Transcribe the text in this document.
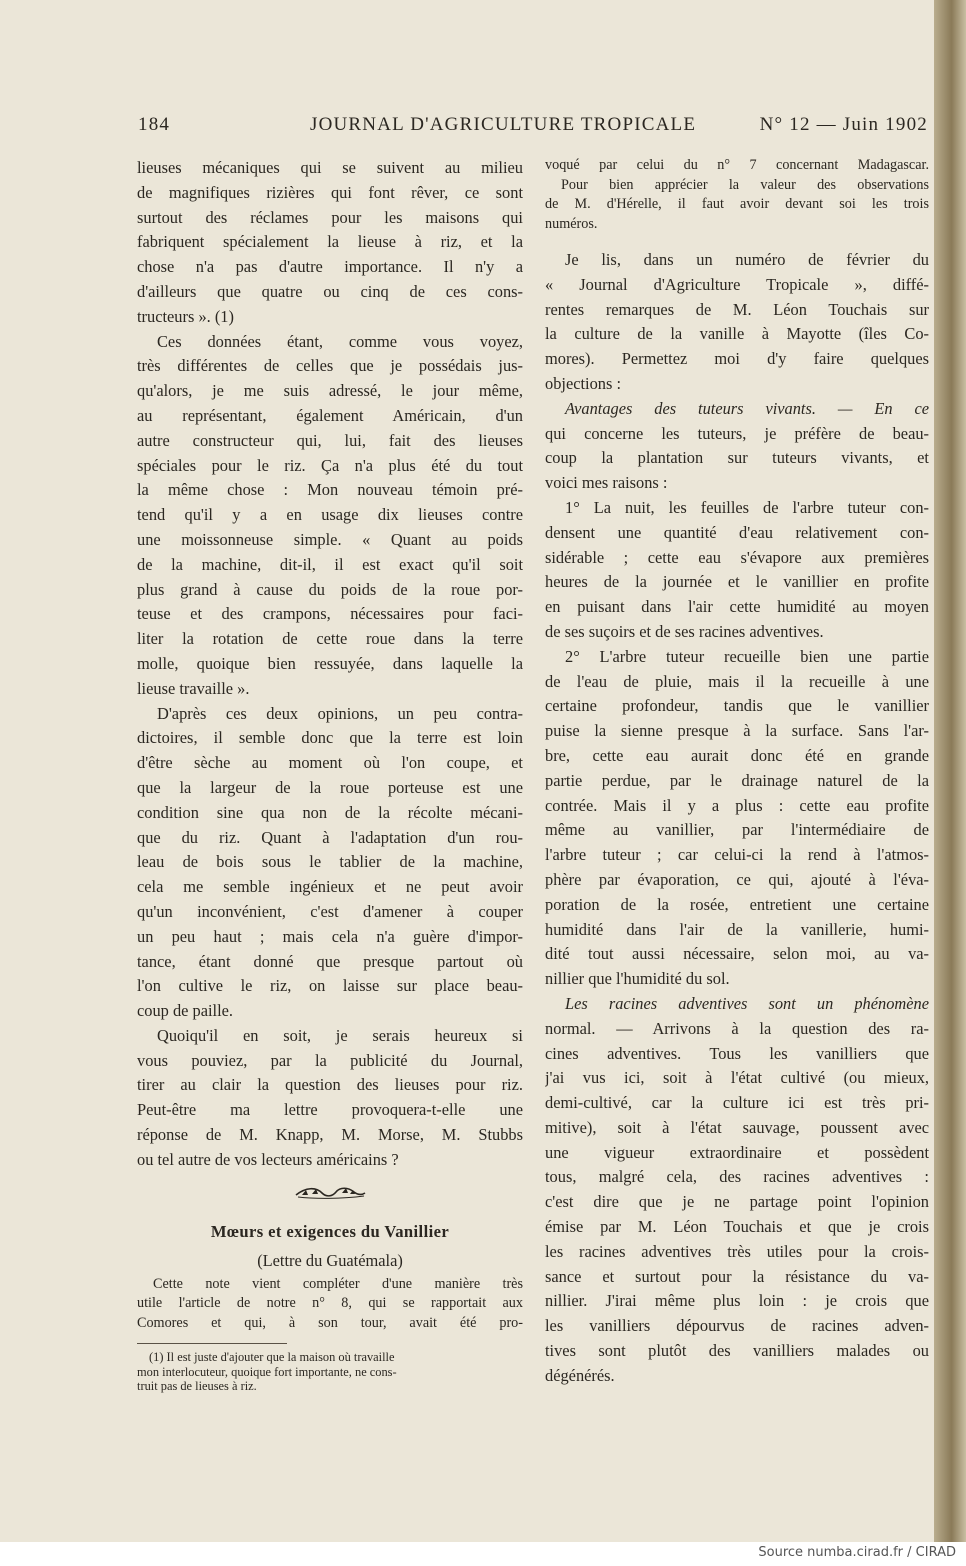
184	JOURNAL D'AGRICULTURE TROPICALE	N° 12 — Juin 1902
lieuses mécaniques qui se suivent au milieu
de magnifiques rizières qui font rêver, ce sont
surtout des réclames pour les maisons qui
fabriquent spécialement la lieuse à riz, et la
chose n'a pas d'autre importance. Il n'y a
d'ailleurs que quatre ou cinq de ces cons-
tructeurs ». (1)
Ces données étant, comme vous voyez,
très différentes de celles que je possédais jus-
qu'alors, je me suis adressé, le jour même,
au représentant, également Américain, d'un
autre constructeur qui, lui, fait des lieuses
spéciales pour le riz. Ça n'a plus été du tout
la même chose : Mon nouveau témoin pré-
tend qu'il y a en usage dix lieuses contre
une moissonneuse simple. « Quant au poids
de la machine, dit-il, il est exact qu'il soit
plus grand à cause du poids de la roue por-
teuse et des crampons, nécessaires pour faci-
liter la rotation de cette roue dans la terre
molle, quoique bien ressuyée, dans laquelle la
lieuse travaille ».
D'après ces deux opinions, un peu contra-
dictoires, il semble donc que la terre est loin
d'être sèche au moment où l'on coupe, et
que la largeur de la roue porteuse est une
condition sine qua non de la récolte mécani-
que du riz. Quant à l'adaptation d'un rou-
leau de bois sous le tablier de la machine,
cela me semble ingénieux et ne peut avoir
qu'un inconvénient, c'est d'amener à couper
un peu haut ; mais cela n'a guère d'impor-
tance, étant donné que presque partout où
l'on cultive le riz, on laisse sur place beau-
coup de paille.
Quoiqu'il en soit, je serais heureux si
vous pouviez, par la publicité du Journal,
tirer au clair la question des lieuses pour riz.
Peut-être ma lettre provoquera-t-elle une
réponse de M. Knapp, M. Morse, M. Stubbs
ou tel autre de vos lecteurs américains ?
Mœurs et exigences du Vanillier
(Lettre du Guatémala)
Cette note vient compléter d'une manière très
utile l'article de notre n° 8, qui se rapportait aux
Comores et qui, à son tour, avait été pro-
(1) Il est juste d'ajouter que la maison où travaille
mon interlocuteur, quoique fort importante, ne cons-
truit pas de lieuses à riz.
voqué par celui du n° 7 concernant Madagascar.
Pour bien apprécier la valeur des observations
de M. d'Hérelle, il faut avoir devant soi les trois
numéros.
Je lis, dans un numéro de février du
« Journal d'Agriculture Tropicale », diffé-
rentes remarques de M. Léon Touchais sur
la culture de la vanille à Mayotte (îles Co-
mores). Permettez moi d'y faire quelques
objections :
Avantages des tuteurs vivants. — En ce
qui concerne les tuteurs, je préfère de beau-
coup la plantation sur tuteurs vivants, et
voici mes raisons :
1° La nuit, les feuilles de l'arbre tuteur con-
densent une quantité d'eau relativement con-
sidérable ; cette eau s'évapore aux premières
heures de la journée et le vanillier en profite
en puisant dans l'air cette humidité au moyen
de ses suçoirs et de ses racines adventives.
2° L'arbre tuteur recueille bien une partie
de l'eau de pluie, mais il la recueille à une
certaine profondeur, tandis que le vanillier
puise la sienne presque à la surface. Sans l'ar-
bre, cette eau aurait donc été en grande
partie perdue, par le drainage naturel de la
contrée. Mais il y a plus : cette eau profite
même au vanillier, par l'intermédiaire de
l'arbre tuteur ; car celui-ci la rend à l'atmos-
phère par évaporation, ce qui, ajouté à l'éva-
poration de la rosée, entretient une certaine
humidité dans l'air de la vanillerie, humi-
dité tout aussi nécessaire, selon moi, au va-
nillier que l'humidité du sol.
Les racines adventives sont un phénomène
normal. — Arrivons à la question des ra-
cines adventives. Tous les vanilliers que
j'ai vus ici, soit à l'état cultivé (ou mieux,
demi-cultivé, car la culture ici est très pri-
mitive), soit à l'état sauvage, poussent avec
une vigueur extraordinaire et possèdent
tous, malgré cela, des racines adventives :
c'est dire que je ne partage point l'opinion
émise par M. Léon Touchais et que je crois
les racines adventives très utiles pour la crois-
sance et surtout pour la résistance du va-
nillier. J'irai même plus loin : je crois que
les vanilliers dépourvus de racines adven-
tives sont plutôt des vanilliers malades ou
dégénérés.
Source numba.cirad.fr / CIRAD
